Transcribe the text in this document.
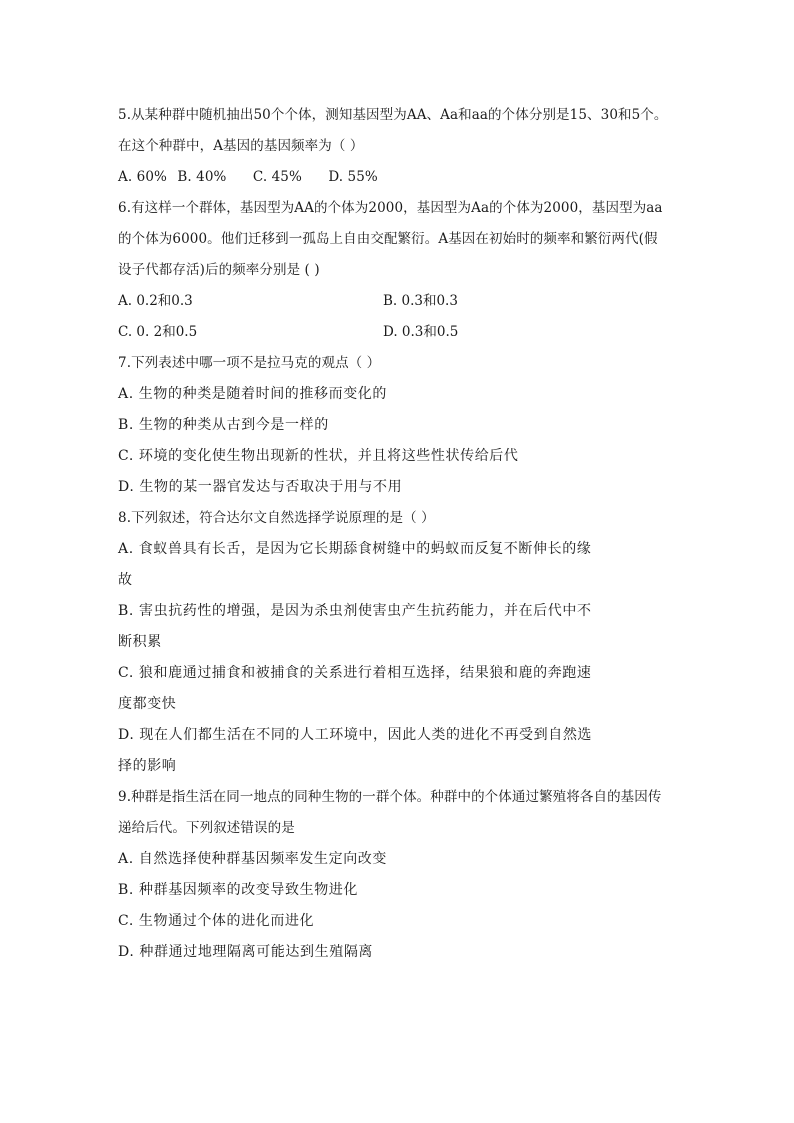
5.从某种群中随机抽出50个个体，测知基因型为AA、Aa和aa的个体分别是15、30和5个。
在这个种群中，A基因的基因频率为（ ）
A. 60% B. 40% C. 45% D. 55%
6.有这样一个群体，基因型为AA的个体为2000，基因型为Aa的个体为2000，基因型为aa
的个体为6000。他们迁移到一孤岛上自由交配繁衍。A基因在初始时的频率和繁衍两代(假
设子代都存活)后的频率分别是 ( )
A. 0.2和0.3	B. 0.3和0.3
C. 0. 2和0.5	D. 0.3和0.5
7.下列表述中哪一项不是拉马克的观点（ ）
A. 生物的种类是随着时间的推移而变化的
B. 生物的种类从古到今是一样的
C. 环境的变化使生物出现新的性状，并且将这些性状传给后代
D. 生物的某一器官发达与否取决于用与不用
8.下列叙述，符合达尔文自然选择学说原理的是（ ）
A. 食蚁兽具有长舌，是因为它长期舔食树缝中的蚂蚁而反复不断伸长的缘
故
B. 害虫抗药性的增强，是因为杀虫剂使害虫产生抗药能力，并在后代中不
断积累
C. 狼和鹿通过捕食和被捕食的关系进行着相互选择，结果狼和鹿的奔跑速
度都变快
D. 现在人们都生活在不同的人工环境中，因此人类的进化不再受到自然选
择的影响
9.种群是指生活在同一地点的同种生物的一群个体。种群中的个体通过繁殖将各自的基因传
递给后代。下列叙述错误的是
A. 自然选择使种群基因频率发生定向改变
B. 种群基因频率的改变导致生物进化
C. 生物通过个体的进化而进化
D. 种群通过地理隔离可能达到生殖隔离
